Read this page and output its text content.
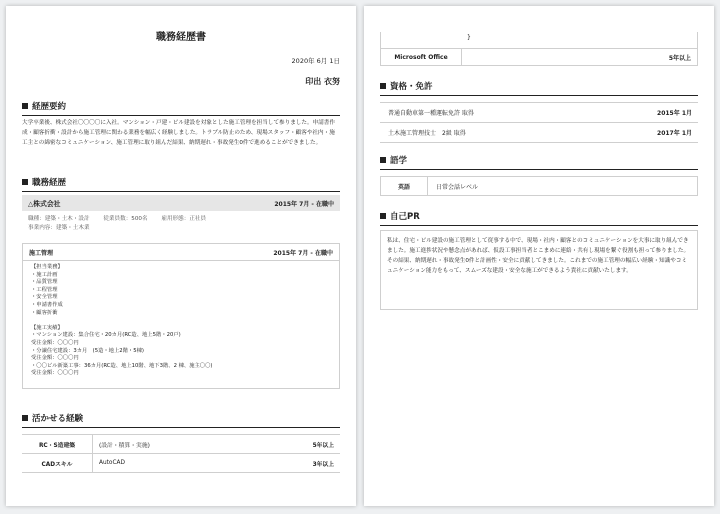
職務経歴書
2020年 6月 1日
印出 衣努
経歴要約
大学卒業後、株式会社〇〇〇〇に入社。マンション・戸建・ビル建設を対象とした施工管理を担当して参りました。申請書作成・顧客折衝・設計から施工管理に関わる業務を幅広く経験しました。トラブル防止のため、現場スタッフ・顧客や社内・施工主との綿密なコミュニケーション、施工管理に取り組んだ結果、納期遅れ・事故発生0件で進めることができました。
職務経歴
△株式会社	2015年 7月 - 在職中
職種：建築・土木・設計 従業員数：500名 雇用形態：正社員
事業内容：建築・土木業
施工管理	2015年 7月 - 在職中
【担当業務】
・施工計画
・品質管理
・工程管理
・安全管理
・申請書作成
・顧客折衝

【施工実績】
・マンション建設：集合住宅・20カ月(RC造、地上5階・20戸)
受注金額：〇〇〇円
・分譲住宅建設：3カ月　(5造・地上2階・5棟)
受注金額：〇〇〇円
・〇〇ビル新築工事：36カ月(RC造、地上10階、地下3階、2 棟、施主〇〇)
受注金額：〇〇〇円
活かせる経験
RC・S造建築	(設計・積算・実施)	5年以上
CADスキル	AutoCAD	3年以上
}
Microsoft Office	5年以上
資格・免許
普通自動車第一種運転免許 取得	2015年 1月
土木施工管理技士　2級 取得	2017年 1月
語学
英語	日常会話レベル
自己PR
私は、住宅・ビル建設の施工管理として従事する中で、現場・社内・顧客とのコミュニケーションを大事に取り組んできました。施工進捗状況や懸念点があれば、仮設工事担当者とこまめに連絡・共有し現場を繋ぐ役割も担って参りました。その結果、納期遅れ・事故発生0件と計画性・安全に貢献してきました。これまでの施工管理の幅広い経験・知識やコミュニケーション能力をもって、スムーズな建設・安全な施工ができるよう貴社に貢献いたします。
